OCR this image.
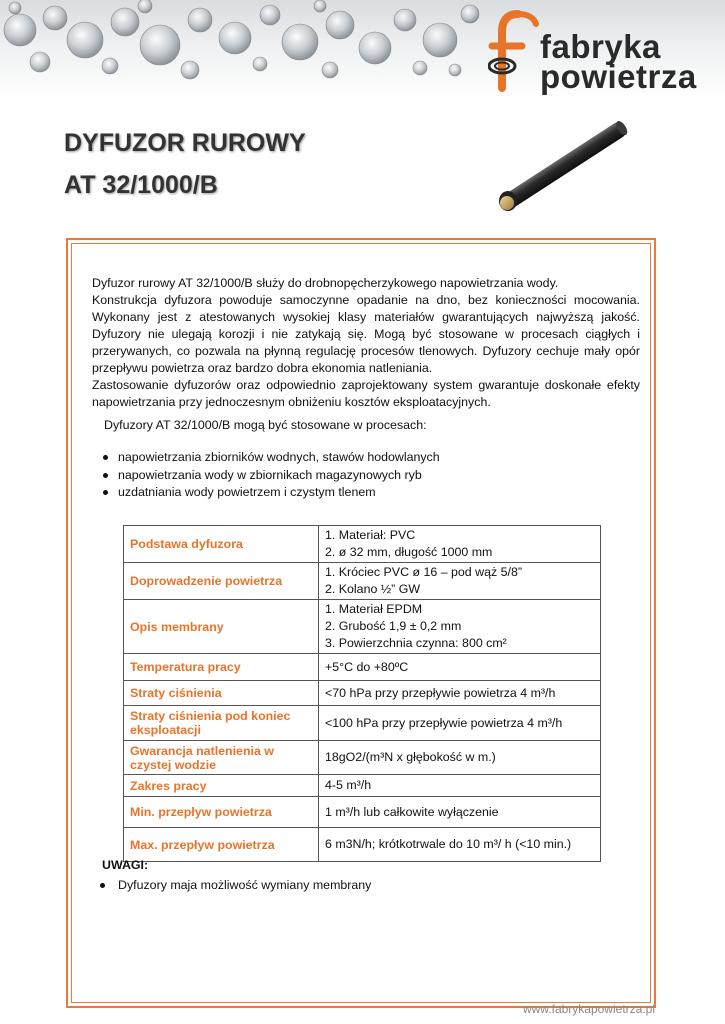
fabryka
powietrza
DYFUZOR RUROWY
AT 32/1000/B

Dyfuzor rurowy AT 32/1000/B służy do drobnopęcherzykowego napowietrzania wody.

Konstrukcja dyfuzora powoduje samoczynne opadanie na dno, bez konieczności mocowania. Wykonany jest z atestowanych wysokiej klasy materiałów gwarantujących najwyższą jakość. Dyfuzory nie ulegają korozji i nie zatykają się. Mogą być stosowane w procesach ciągłych i przerywanych, co pozwala na płynną regulację procesów tlenowych. Dyfuzory cechuje mały opór przepływu powietrza oraz bardzo dobra ekonomia natleniania.

Zastosowanie dyfuzorów oraz odpowiednio zaprojektowany system gwarantuje doskonałe efekty napowietrzania przy jednoczesnym obniżeniu kosztów eksploatacyjnych.

Dyfuzory AT 32/1000/B mogą być stosowane w procesach:

napowietrzania zbiorników wodnych, stawów hodowlanych
napowietrzania wody w zbiornikach magazynowych ryb
uzdatniania wody powietrzem i czystym tlenem
Podstawa dyfuzora	1. Materiał: PVC
2. ø 32 mm, długość 1000 mm

Doprowadzenie powietrza	1. Króciec PVC ø 16 – pod wąż 5/8”
2. Kolano ½” GW

Opis membrany	1. Materiał EPDM
2. Grubość 1,9 ± 0,2 mm
3. Powierzchnia czynna: 800 cm²

Temperatura pracy	+5°C do +80ºC

Straty ciśnienia	<70 hPa przy przepływie powietrza 4 m³/h

Straty ciśnienia pod koniec eksploatacji	<100 hPa przy przepływie powietrza 4 m³/h

Gwarancja natlenienia w czystej wodzie	18gO2/(m³N x głębokość w m.)

Zakres pracy	4-5 m³/h

Min. przepływ powietrza	1 m³/h lub całkowite wyłączenie

Max. przepływ powietrza	6 m3N/h; krótkotrwale do 10 m³/ h (<10 min.)

UWAGI:

Dyfuzory maja możliwość wymiany membrany
www.fabrykapowietrza.pl
